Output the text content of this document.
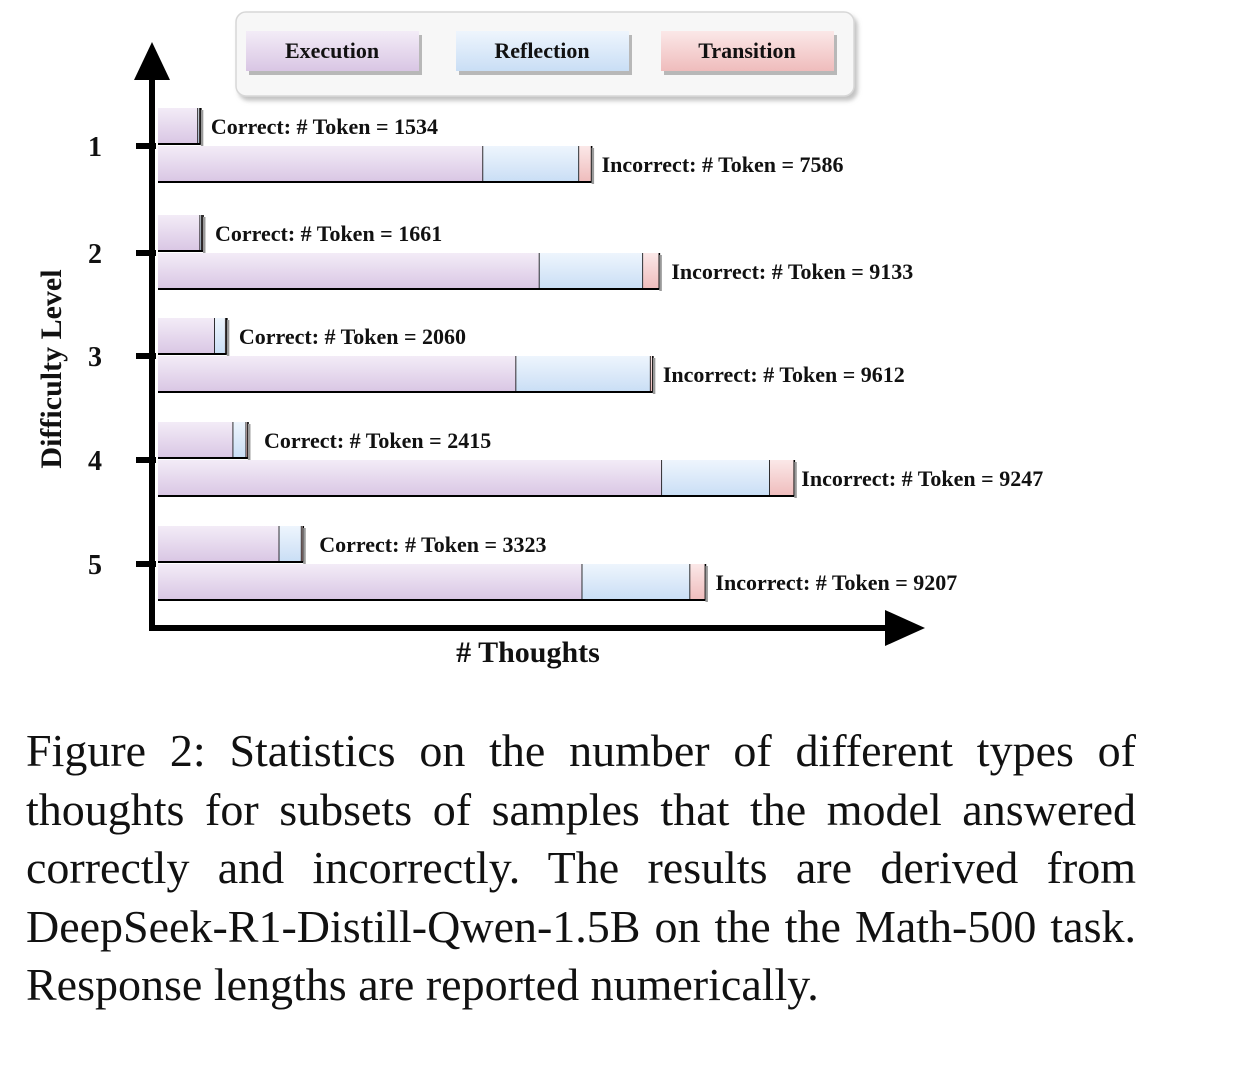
Execution	Reflection	Transition
1
2
3
4
5
# Thoughts
Difficulty Level
Correct: # Token = 1534
Incorrect: # Token = 7586
Correct: # Token = 1661
Incorrect: # Token = 9133
Correct: # Token = 2060
Incorrect: # Token = 9612
Correct: # Token = 2415
Incorrect: # Token = 9247
Correct: # Token = 3323
Incorrect: # Token = 9207

Figure 2: Statistics on the number of different types of thoughts for subsets of samples that the model answered correctly and incorrectly. The results are derived from DeepSeek-R1-Distill-Qwen-1.5B on the the Math-500 task. Response lengths are reported numerically.
